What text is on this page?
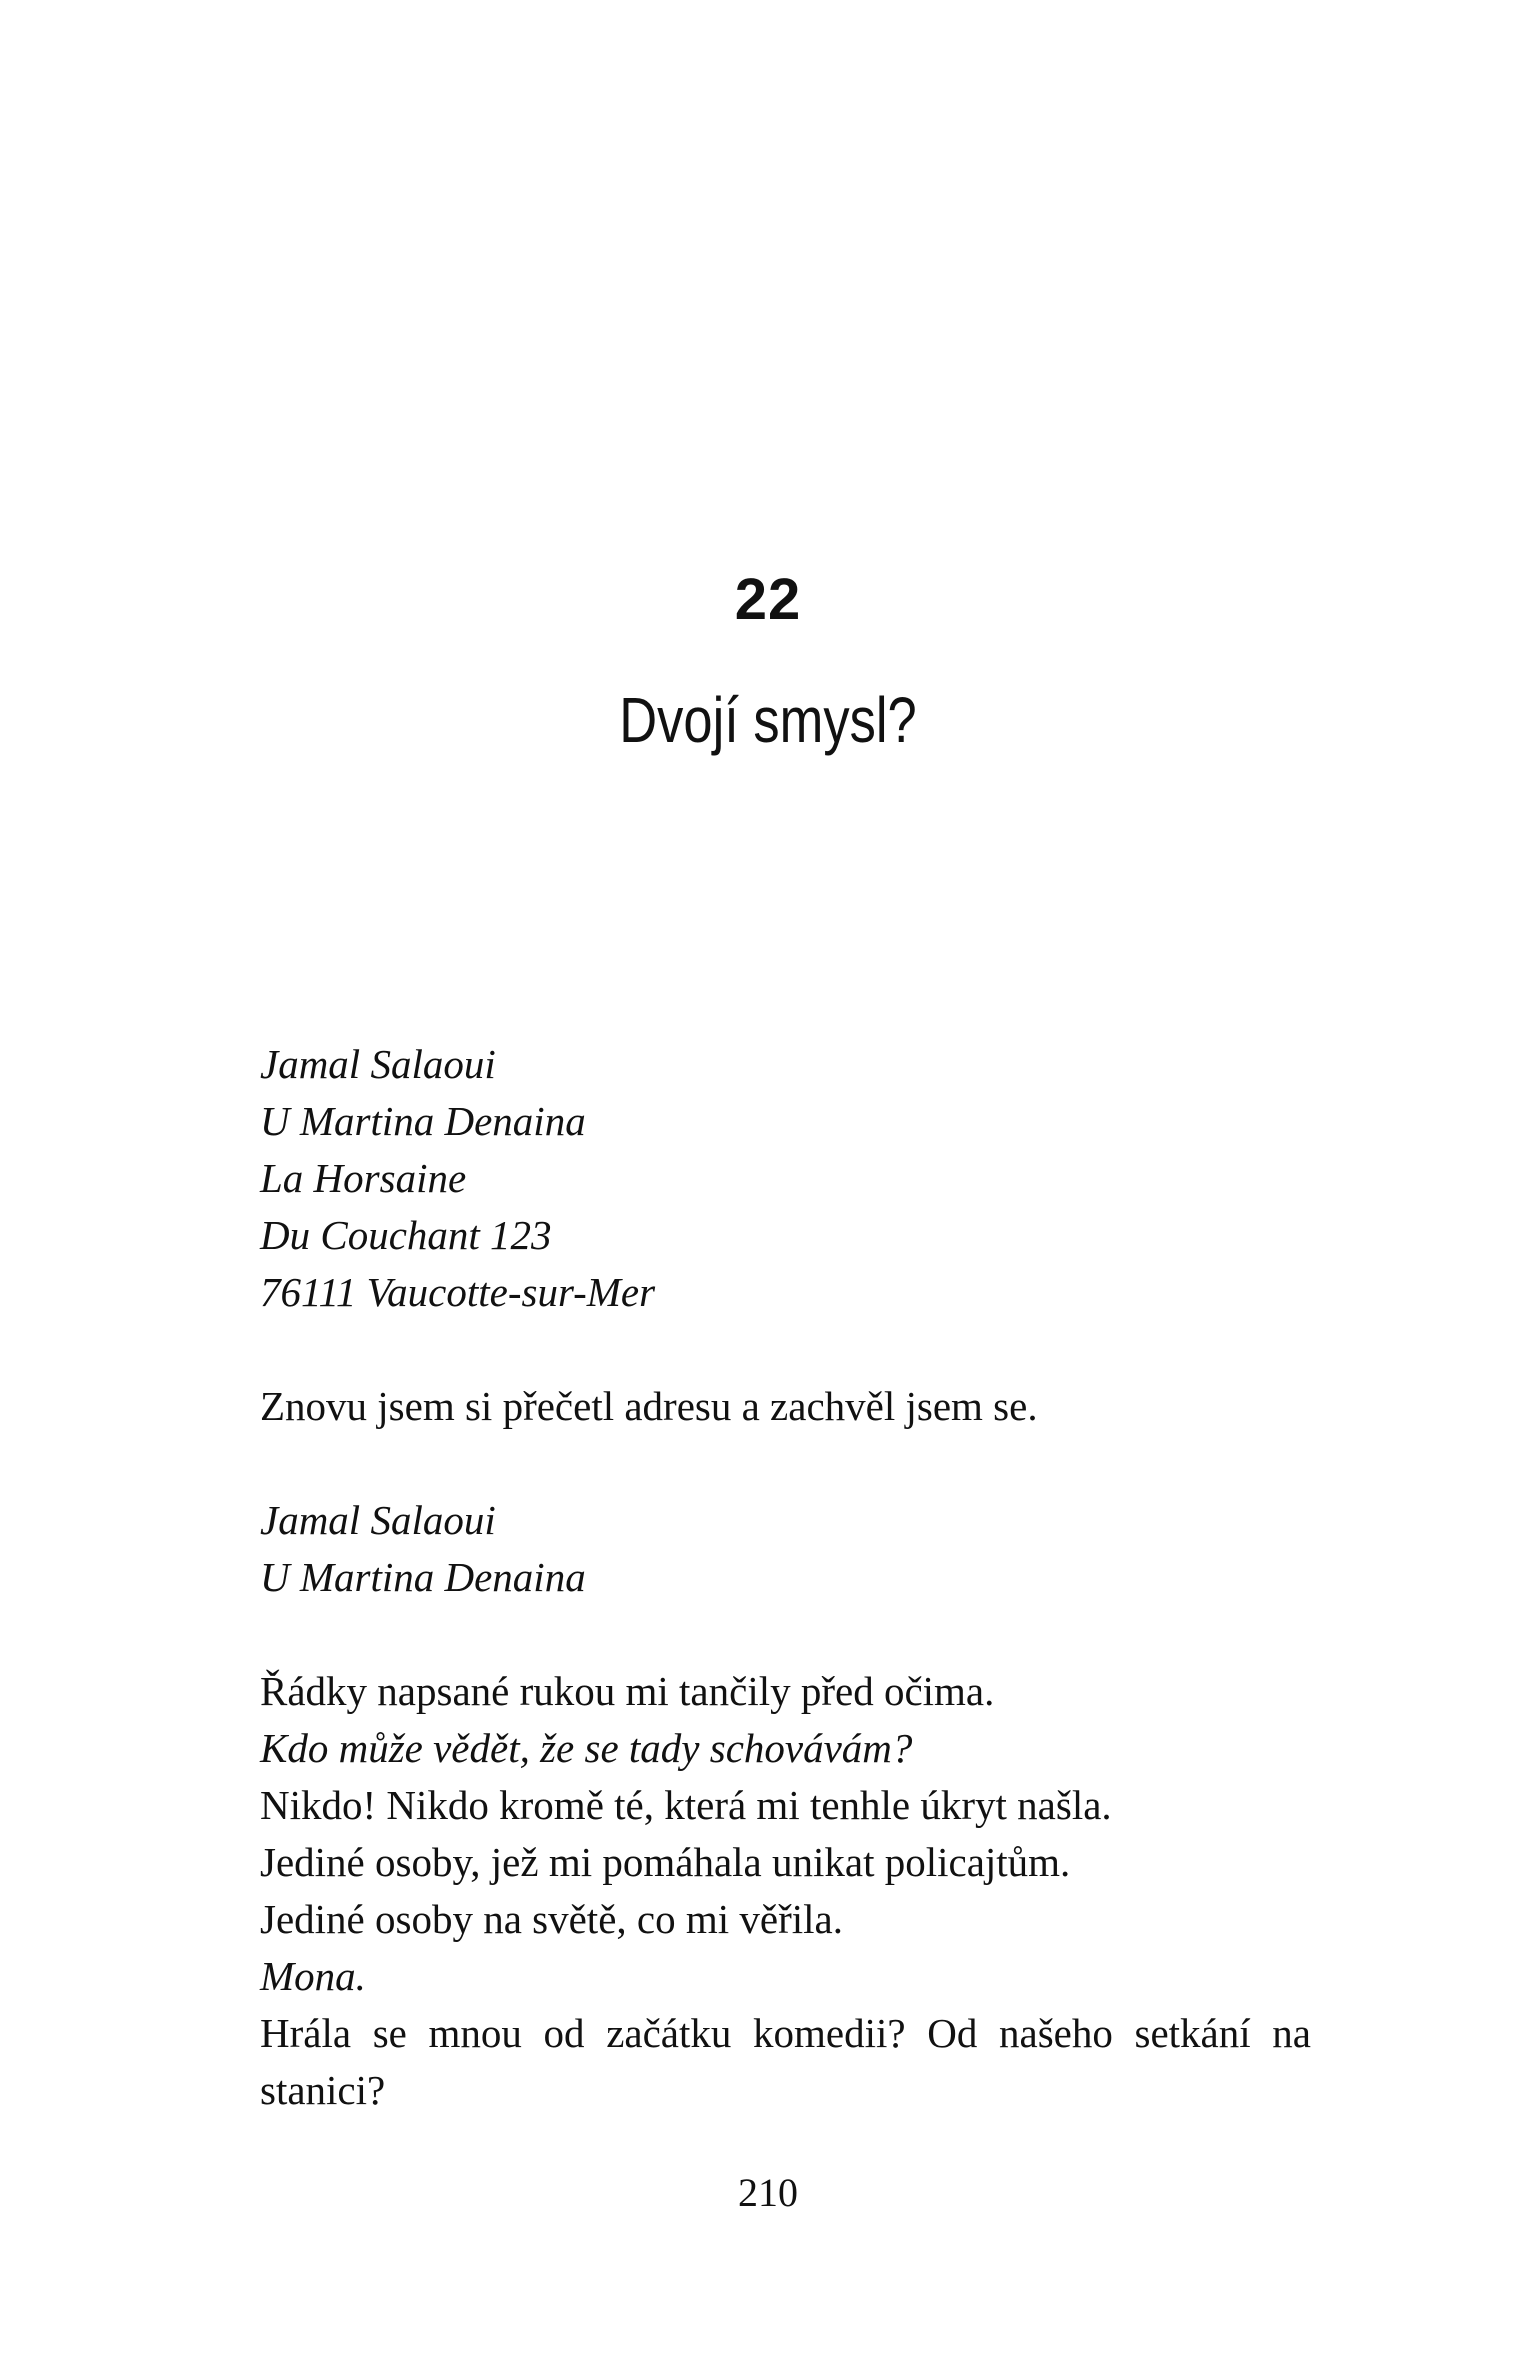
22
Dvojí smysl?
Jamal Salaoui
U Martina Denaina
La Horsaine
Du Couchant 123
76111 Vaucotte-sur-Mer
Znovu jsem si přečetl adresu a zachvěl jsem se.
Jamal Salaoui
U Martina Denaina
Řádky napsané rukou mi tančily před očima.
Kdo může vědět, že se tady schovávám?
Nikdo! Nikdo kromě té, která mi tenhle úkryt našla.
Jediné osoby, jež mi pomáhala unikat policajtům.
Jediné osoby na světě, co mi věřila.
Mona.
Hrála se mnou od začátku komedii? Od našeho setkání na stanici?
210
